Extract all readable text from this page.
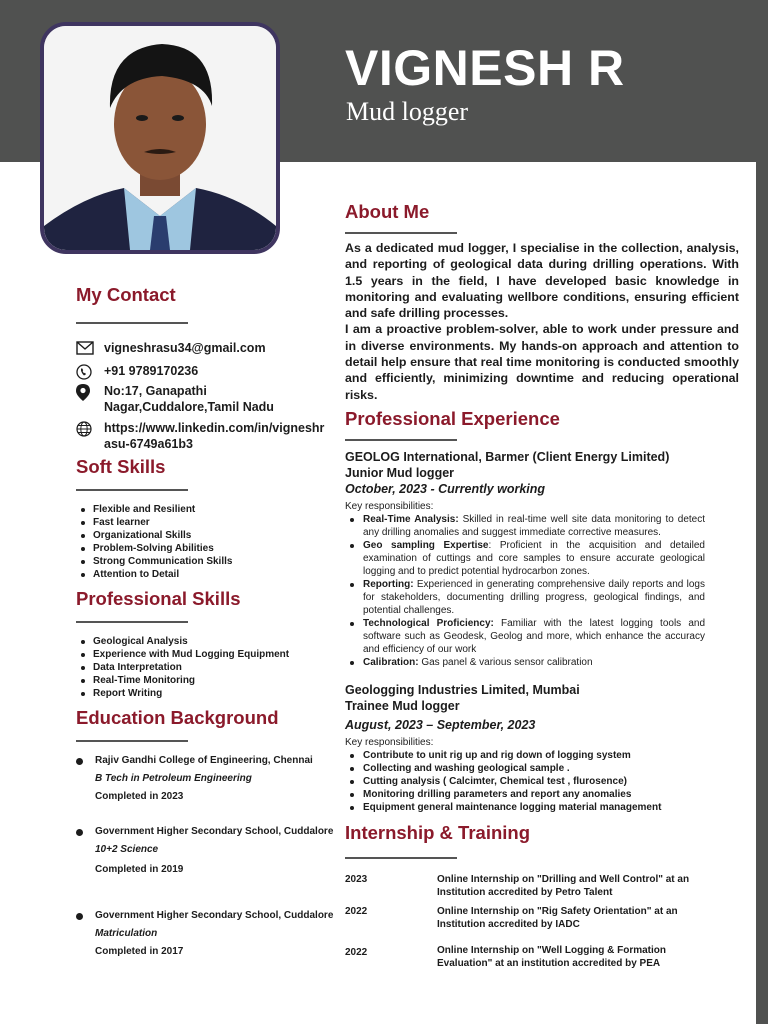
VIGNESH R
Mud logger
My Contact
vigneshrasu34@gmail.com
+91 9789170236
No:17, Ganapathi Nagar,Cuddalore,Tamil Nadu
https://www.linkedin.com/in/vigneshrasu-6749a61b3
Soft Skills
Flexible and Resilient
Fast learner
Organizational Skills
Problem-Solving Abilities
Strong Communication Skills
Attention to Detail
Professional Skills
Geological Analysis
Experience with Mud Logging Equipment
Data Interpretation
Real-Time Monitoring
Report Writing
Education Background
Rajiv Gandhi College of Engineering, Chennai
B Tech in Petroleum Engineering
Completed in 2023
Government Higher Secondary School, Cuddalore
10+2 Science
Completed in 2019
Government Higher Secondary School, Cuddalore
Matriculation
Completed in 2017
About Me

As a dedicated mud logger, I specialise in the collection, analysis, and reporting of geological data during drilling operations. With 1.5 years in the field, I have developed basic knowledge in monitoring and evaluating wellbore conditions, ensuring efficient and safe drilling processes.

I am a proactive problem-solver, able to work under pressure and in diverse environments. My hands-on approach and attention to detail help ensure that real time monitoring is conducted smoothly and efficiently, minimizing downtime and reducing operational risks.

Professional Experience
GEOLOG International, Barmer (Client Energy Limited)
Junior Mud logger
October, 2023 - Currently working
Key responsibilities:
Real-Time Analysis: Skilled in real-time well site data monitoring to detect any drilling anomalies and suggest immediate corrective measures.
Geo sampling Expertise: Proficient in the acquisition and detailed examination of cuttings and core samples to ensure accurate geological logging and to predict potential hydrocarbon zones.
Reporting: Experienced in generating comprehensive daily reports and logs for stakeholders, documenting drilling progress, geological findings, and potential challenges.
Technological Proficiency: Familiar with the latest logging tools and software such as Geodesk, Geolog and more, which enhance the accuracy and efficiency of our work
Calibration: Gas panel & various sensor calibration
Geologging Industries Limited, Mumbai
Trainee Mud logger
August, 2023 – September, 2023
Key responsibilities:
Contribute to unit rig up and rig down of logging system
Collecting and washing geological sample .
Cutting analysis ( Calcimter, Chemical test , flurosence)
Monitoring drilling parameters and report any anomalies
Equipment general maintenance logging material management
Internship & Training
2023	Online Internship on "Drilling and Well Control" at an Institution accredited by Petro Talent
2022	Online Internship on "Rig Safety Orientation" at an Institution accredited by IADC
2022	Online Internship on "Well Logging & Formation Evaluation" at an institution accredited by PEA
